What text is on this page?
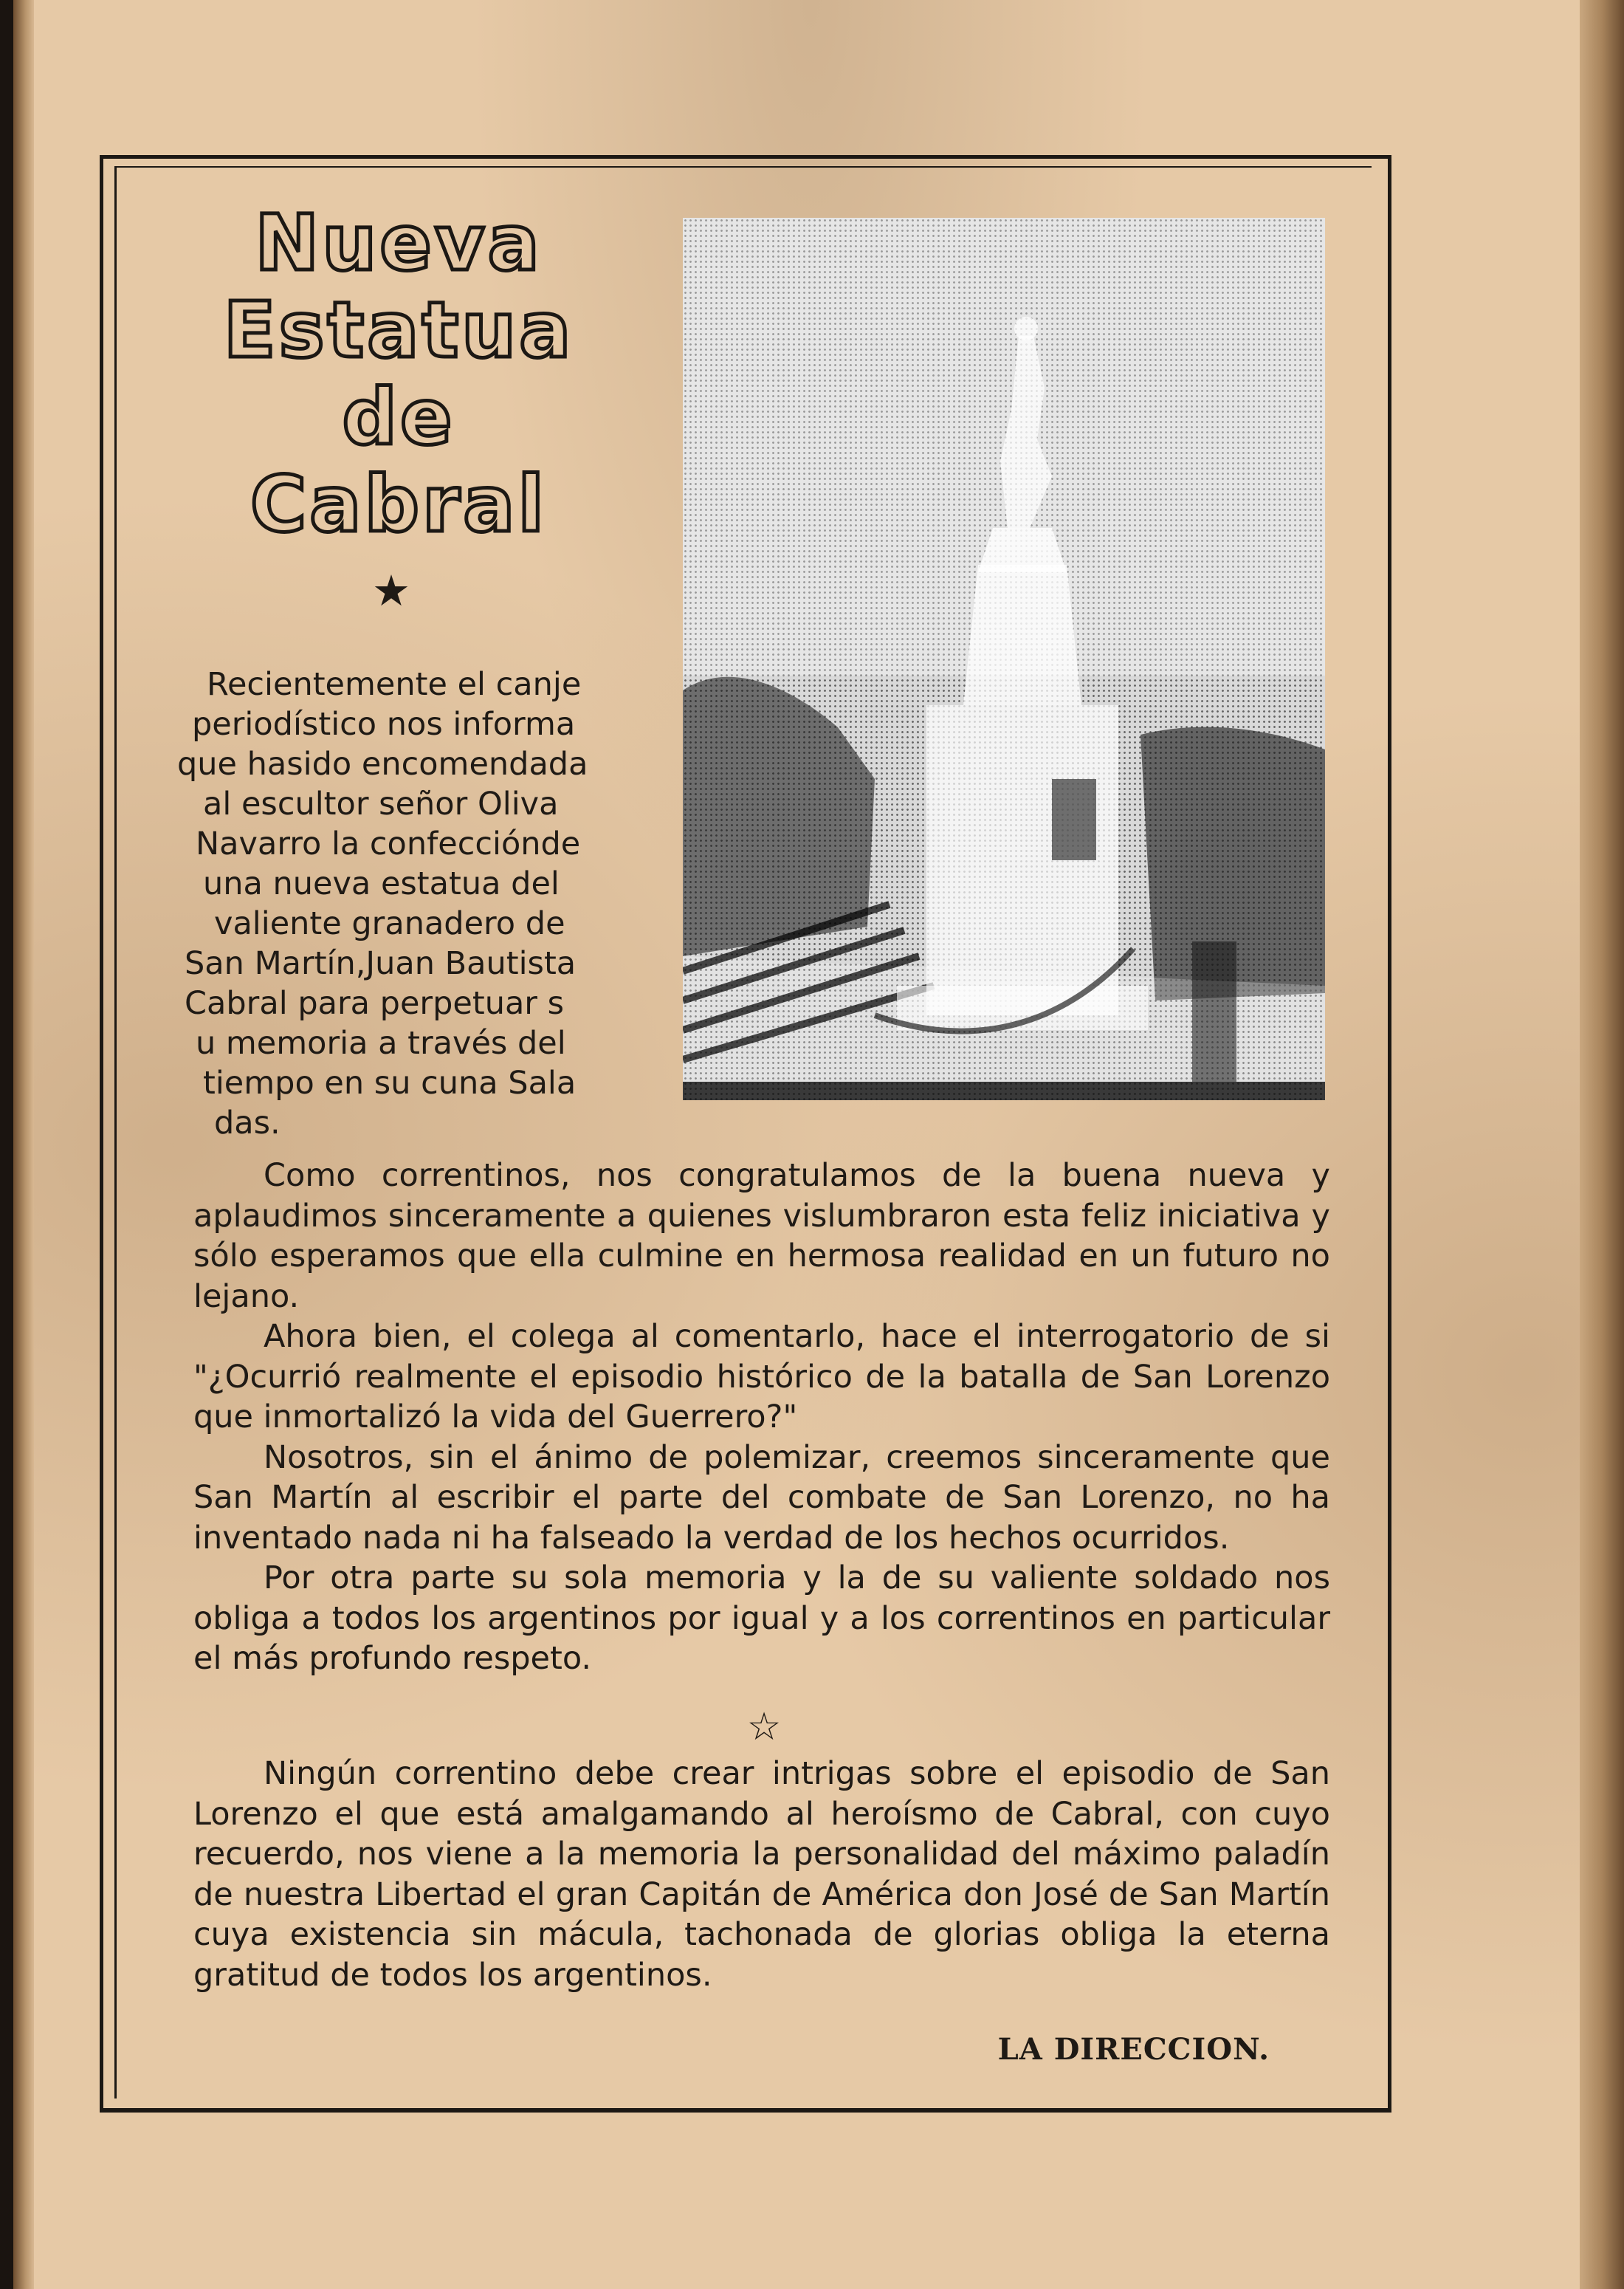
Nueva
Estatua
de
Cabral
★
Recientemente el canje
periodístico nos informa
que hasido encomendada
al escultor señor Oliva
Navarro la confecciónde
una nueva estatua del
valiente granadero de
San Martín,Juan Bautista
Cabral para perpetuar s
u memoria a través del
tiempo en su cuna Sala
das.

Como correntinos, nos congratulamos de la buena nueva y aplaudimos sinceramente a quienes vislumbraron esta feliz iniciativa y sólo esperamos que ella culmine en hermosa realidad en un futuro no lejano.

Ahora bien, el colega al comentarlo, hace el interrogatorio de si "¿Ocurrió realmente el episodio histórico de la batalla de San Lorenzo que inmortalizó la vida del Guerrero?"

Nosotros, sin el ánimo de polemizar, creemos sinceramente que San Martín al escribir el parte del combate de San Lorenzo, no ha inventado nada ni ha falseado la verdad de los hechos ocurridos.

Por otra parte su sola memoria y la de su valiente soldado nos obliga a todos los argentinos por igual y a los correntinos en particular el más profundo respeto.

☆

Ningún correntino debe crear intrigas sobre el episodio de San Lorenzo el que está amalgamando al heroísmo de Cabral, con cuyo recuerdo, nos viene a la memoria la personalidad del máximo paladín de nuestra Libertad el gran Capitán de América don José de San Martín cuya existencia sin mácula, tachonada de glorias obliga la eterna gratitud de todos los argentinos.

LA DIRECCION.
